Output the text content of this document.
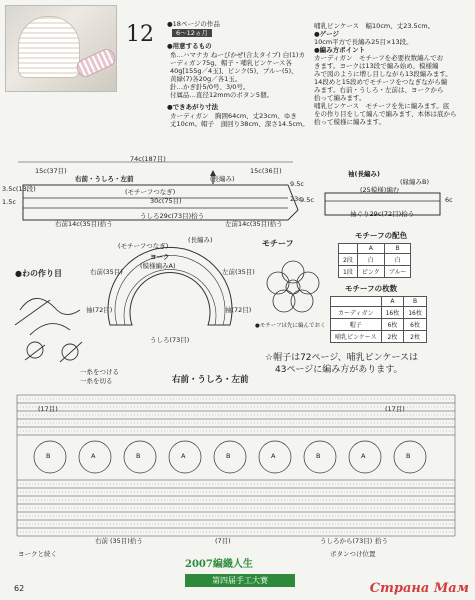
12 ●18ページの作品
6～12ヵ月
●用意するもの
糸…ハマナカ ねーびかぜ(合太タイプ) 白(1)カ
ーディガン75g、帽子・哺乳ピンケース各
40g[155g／4玉]、ピンク(5)、ブルー(5)、
黄緑(7)各20g／各1玉。
針…かぎ針5/0号、3/0号。
付属品…直径12mmのボタン5個。
●できあがり寸法
カーディガン　胸囲64cm、丈23cm、ゆき
丈10cm。帽子　頭回り38cm、深さ14.5cm。
哺乳ピンケース　幅10cm、丈23.5cm。
●ゲージ
10cm平方で長編み25目×13段。
●編み方ポイント
カーディガン　モチーフを必要枚数編んでお
きます。ヨークは13段で編み始め、模様編
みで図のように増し目しながら13段編みます。
14段めと15段めでモチーフをつなぎながら編
みます。右前・うしろ・左前は、ヨークから
拾って編みます。
哺乳ピンケース　モチーフを先に編みます。底
をの作り目をして編んで編みます、本体は底から
拾って模様に編みます。
74c(187目)
15c(37目)	15c(36目)
右前・うしろ・左前	(長編み)
(モチーフつなぎ)
30c(75目)
うしろ29c(73目)拾う
右前14c(35目)拾う	左前14c(35目)拾う
3.5c(13段)
1.5c
9.5c
23c
袖(長編み)
(縁編みB)
(25模様)編む
袖ぐり29c(72目)拾う
9.5c	6c
(モチーフつなぎ)
(長編み)
ヨーク
(模様編みA)
右前(35目)	左前(35目)
袖(72目)	袖(72目)
うしろ(73目)
モチーフ
●モチーフは先に編んでおく
モチーフの配色
	A	B
2段	白	白
1段	ピンク	ブルー
モチーフの枚数
	A	B
カーディガン	16枚	16枚
帽子	6枚	6枚
哺乳ピンケース	2枚	2枚
●わの作り目
☆帽子は72ページ、哺乳ビンケースは
43ページに編み方があります。
右前・うしろ・左前
一糸をつける
一糸を切る
B	A	B	A	B	A	B	A	B
(17目)	(17目)
(7目)
右前 (35目)拾う	うしろから(73目) 拾う
ヨークと続く	ボタンつけ位置
2007編織人生
第四届手工大赛
62	Страна Мам
